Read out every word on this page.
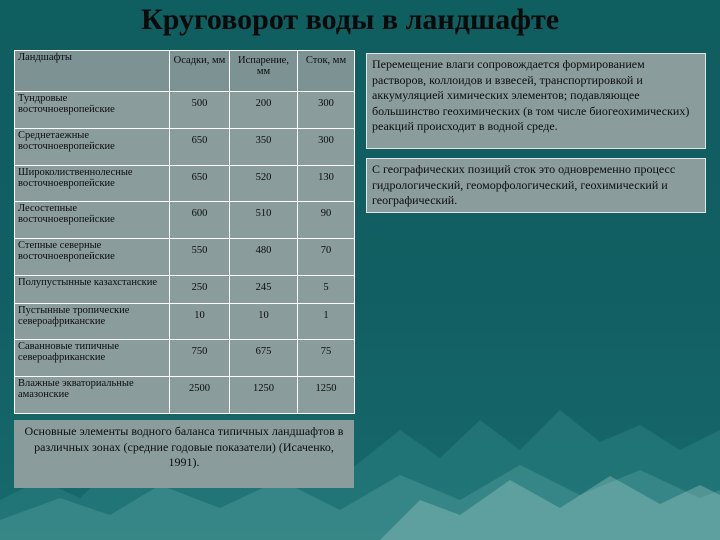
Круговорот воды в ландшафте
Ландшафты	Осадки, мм	Испарение, мм	Сток, мм
Тундровые восточноевропейские	500	200	300
Среднетаежные восточноевропейские	650	350	300
Широколиственнолесные восточноевропейские	650	520	130
Лесостепные восточноевропейские	600	510	90
Степные северные восточноевропейские	550	480	70
Полупустынные казахстанские	250	245	5
Пустынные тропические североафриканские	10	10	1
Саванновые типичные североафриканские	750	675	75
Влажные экваториальные амазонские	2500	1250	1250
Основные элементы водного баланса типичных ландшафтов в различных зонах (средние годовые показатели) (Исаченко, 1991).
Перемещение влаги сопровождается формированием растворов, коллоидов и взвесей, транспортировкой и аккумуляцией химических элементов; подавляющее большинство геохимических (в том числе биогеохимических) реакций происходит в водной среде.
С географических позиций сток это одновременно процесс гидрологический, геоморфологический, геохимический и географический.
